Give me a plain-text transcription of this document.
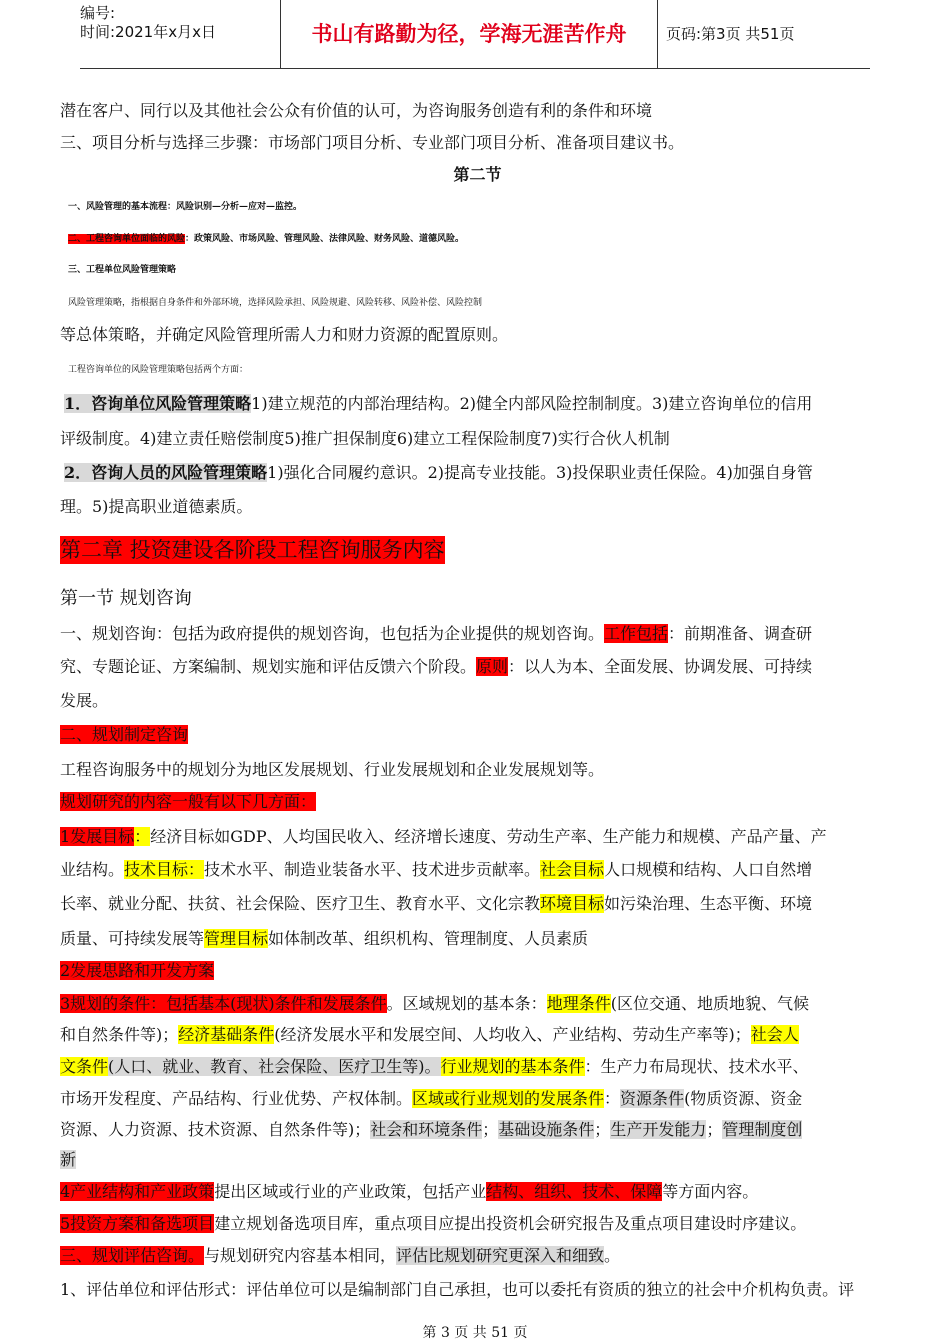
编号:
时间:2021年x月x日	书山有路勤为径，学海无涯苦作舟	页码:第3页 共51页
潜在客户、同行以及其他社会公众有价值的认可，为咨询服务创造有利的条件和环境
三、项目分析与选择三步骤：市场部门项目分析、专业部门项目分析、准备项目建议书。
第二节
一、风险管理的基本流程：风险识别—分析—应对—监控。
二、工程咨询单位面临的风险：政策风险、市场风险、管理风险、法律风险、财务风险、道德风险。
三、工程单位风险管理策略
风险管理策略，指根据自身条件和外部环境，选择风险承担、风险规避、风险转移、风险补偿、风险控制
等总体策略，并确定风险管理所需人力和财力资源的配置原则。
工程咨询单位的风险管理策略包括两个方面：
1．咨询单位风险管理策略1)建立规范的内部治理结构。2)健全内部风险控制制度。3)建立咨询单位的信用
评级制度。4)建立责任赔偿制度5)推广担保制度6)建立工程保险制度7)实行合伙人机制
2．咨询人员的风险管理策略1)强化合同履约意识。2)提高专业技能。3)投保职业责任保险。4)加强自身管
理。5)提高职业道德素质。
第二章 投资建设各阶段工程咨询服务内容
第一节 规划咨询
一、规划咨询：包括为政府提供的规划咨询，也包括为企业提供的规划咨询。工作包括：前期准备、调查研
究、专题论证、方案编制、规划实施和评估反馈六个阶段。原则：以人为本、全面发展、协调发展、可持续
发展。
二、规划制定咨询
工程咨询服务中的规划分为地区发展规划、行业发展规划和企业发展规划等。
规划研究的内容一般有以下几方面：
1发展目标：经济目标如GDP、人均国民收入、经济增长速度、劳动生产率、生产能力和规模、产品产量、产
业结构。技术目标：技术水平、制造业装备水平、技术进步贡献率。社会目标人口规模和结构、人口自然增
长率、就业分配、扶贫、社会保险、医疗卫生、教育水平、文化宗教环境目标如污染治理、生态平衡、环境
质量、可持续发展等管理目标如体制改革、组织机构、管理制度、人员素质
2发展思路和开发方案
3规划的条件：包括基本(现状)条件和发展条件。区域规划的基本条：地理条件(区位交通、地质地貌、气候
和自然条件等)；经济基础条件(经济发展水平和发展空间、人均收入、产业结构、劳动生产率等)；社会人
文条件(人口、就业、教育、社会保险、医疗卫生等)。行业规划的基本条件：生产力布局现状、技术水平、
市场开发程度、产品结构、行业优势、产权体制。区域或行业规划的发展条件：资源条件(物质资源、资金
资源、人力资源、技术资源、自然条件等)；社会和环境条件；基础设施条件；生产开发能力；管理制度创
新
4产业结构和产业政策提出区域或行业的产业政策，包括产业结构、组织、技术、保障等方面内容。
5投资方案和备选项目建立规划备选项目库，重点项目应提出投资机会研究报告及重点项目建设时序建议。
三、规划评估咨询。与规划研究内容基本相同，评估比规划研究更深入和细致。
1、评估单位和评估形式：评估单位可以是编制部门自己承担，也可以委托有资质的独立的社会中介机构负责。评
第 3 页 共 51 页
